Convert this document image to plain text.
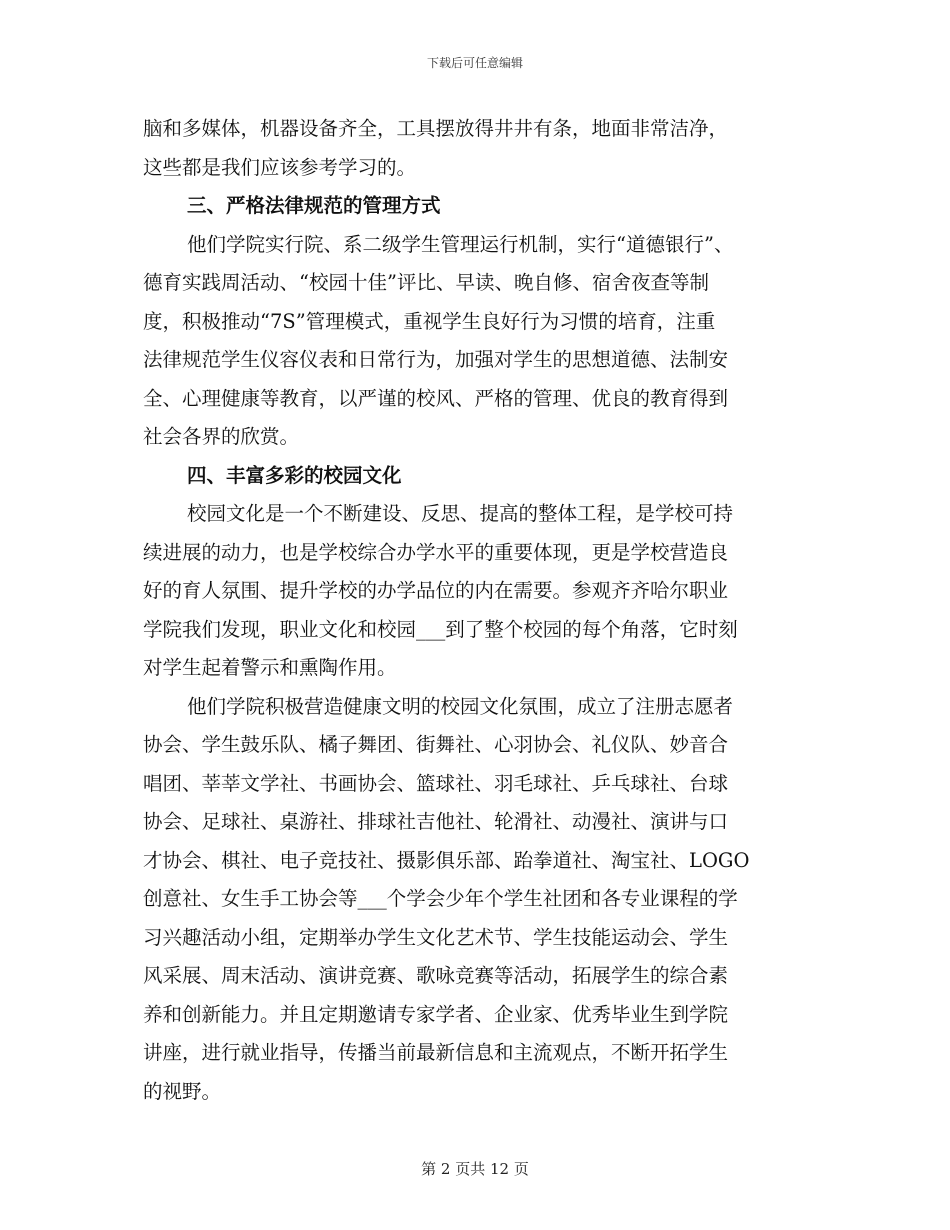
下载后可任意编辑
脑和多媒体，机器设备齐全，工具摆放得井井有条，地面非常洁净，
这些都是我们应该参考学习的。
三、严格法律规范的管理方式
他们学院实行院、系二级学生管理运行机制，实行“道德银行”、
德育实践周活动、“校园十佳”评比、早读、晚自修、宿舍夜查等制
度，积极推动“7S”管理模式，重视学生良好行为习惯的培育，注重
法律规范学生仪容仪表和日常行为，加强对学生的思想道德、法制安
全、心理健康等教育，以严谨的校风、严格的管理、优良的教育得到
社会各界的欣赏。
四、丰富多彩的校园文化
校园文化是一个不断建设、反思、提高的整体工程，是学校可持
续进展的动力，也是学校综合办学水平的重要体现，更是学校营造良
好的育人氛围、提升学校的办学品位的内在需要。参观齐齐哈尔职业
学院我们发现，职业文化和校园___到了整个校园的每个角落，它时刻
对学生起着警示和熏陶作用。
他们学院积极营造健康文明的校园文化氛围，成立了注册志愿者
协会、学生鼓乐队、橘子舞团、街舞社、心羽协会、礼仪队、妙音合
唱团、莘莘文学社、书画协会、篮球社、羽毛球社、乒乓球社、台球
协会、足球社、桌游社、排球社吉他社、轮滑社、动漫社、演讲与口
才协会、棋社、电子竞技社、摄影俱乐部、跆拳道社、淘宝社、LOGO
创意社、女生手工协会等___个学会少年个学生社团和各专业课程的学
习兴趣活动小组，定期举办学生文化艺术节、学生技能运动会、学生
风采展、周末活动、演讲竞赛、歌咏竞赛等活动，拓展学生的综合素
养和创新能力。并且定期邀请专家学者、企业家、优秀毕业生到学院
讲座，进行就业指导，传播当前最新信息和主流观点，不断开拓学生
的视野。
第 2 页共 12 页
